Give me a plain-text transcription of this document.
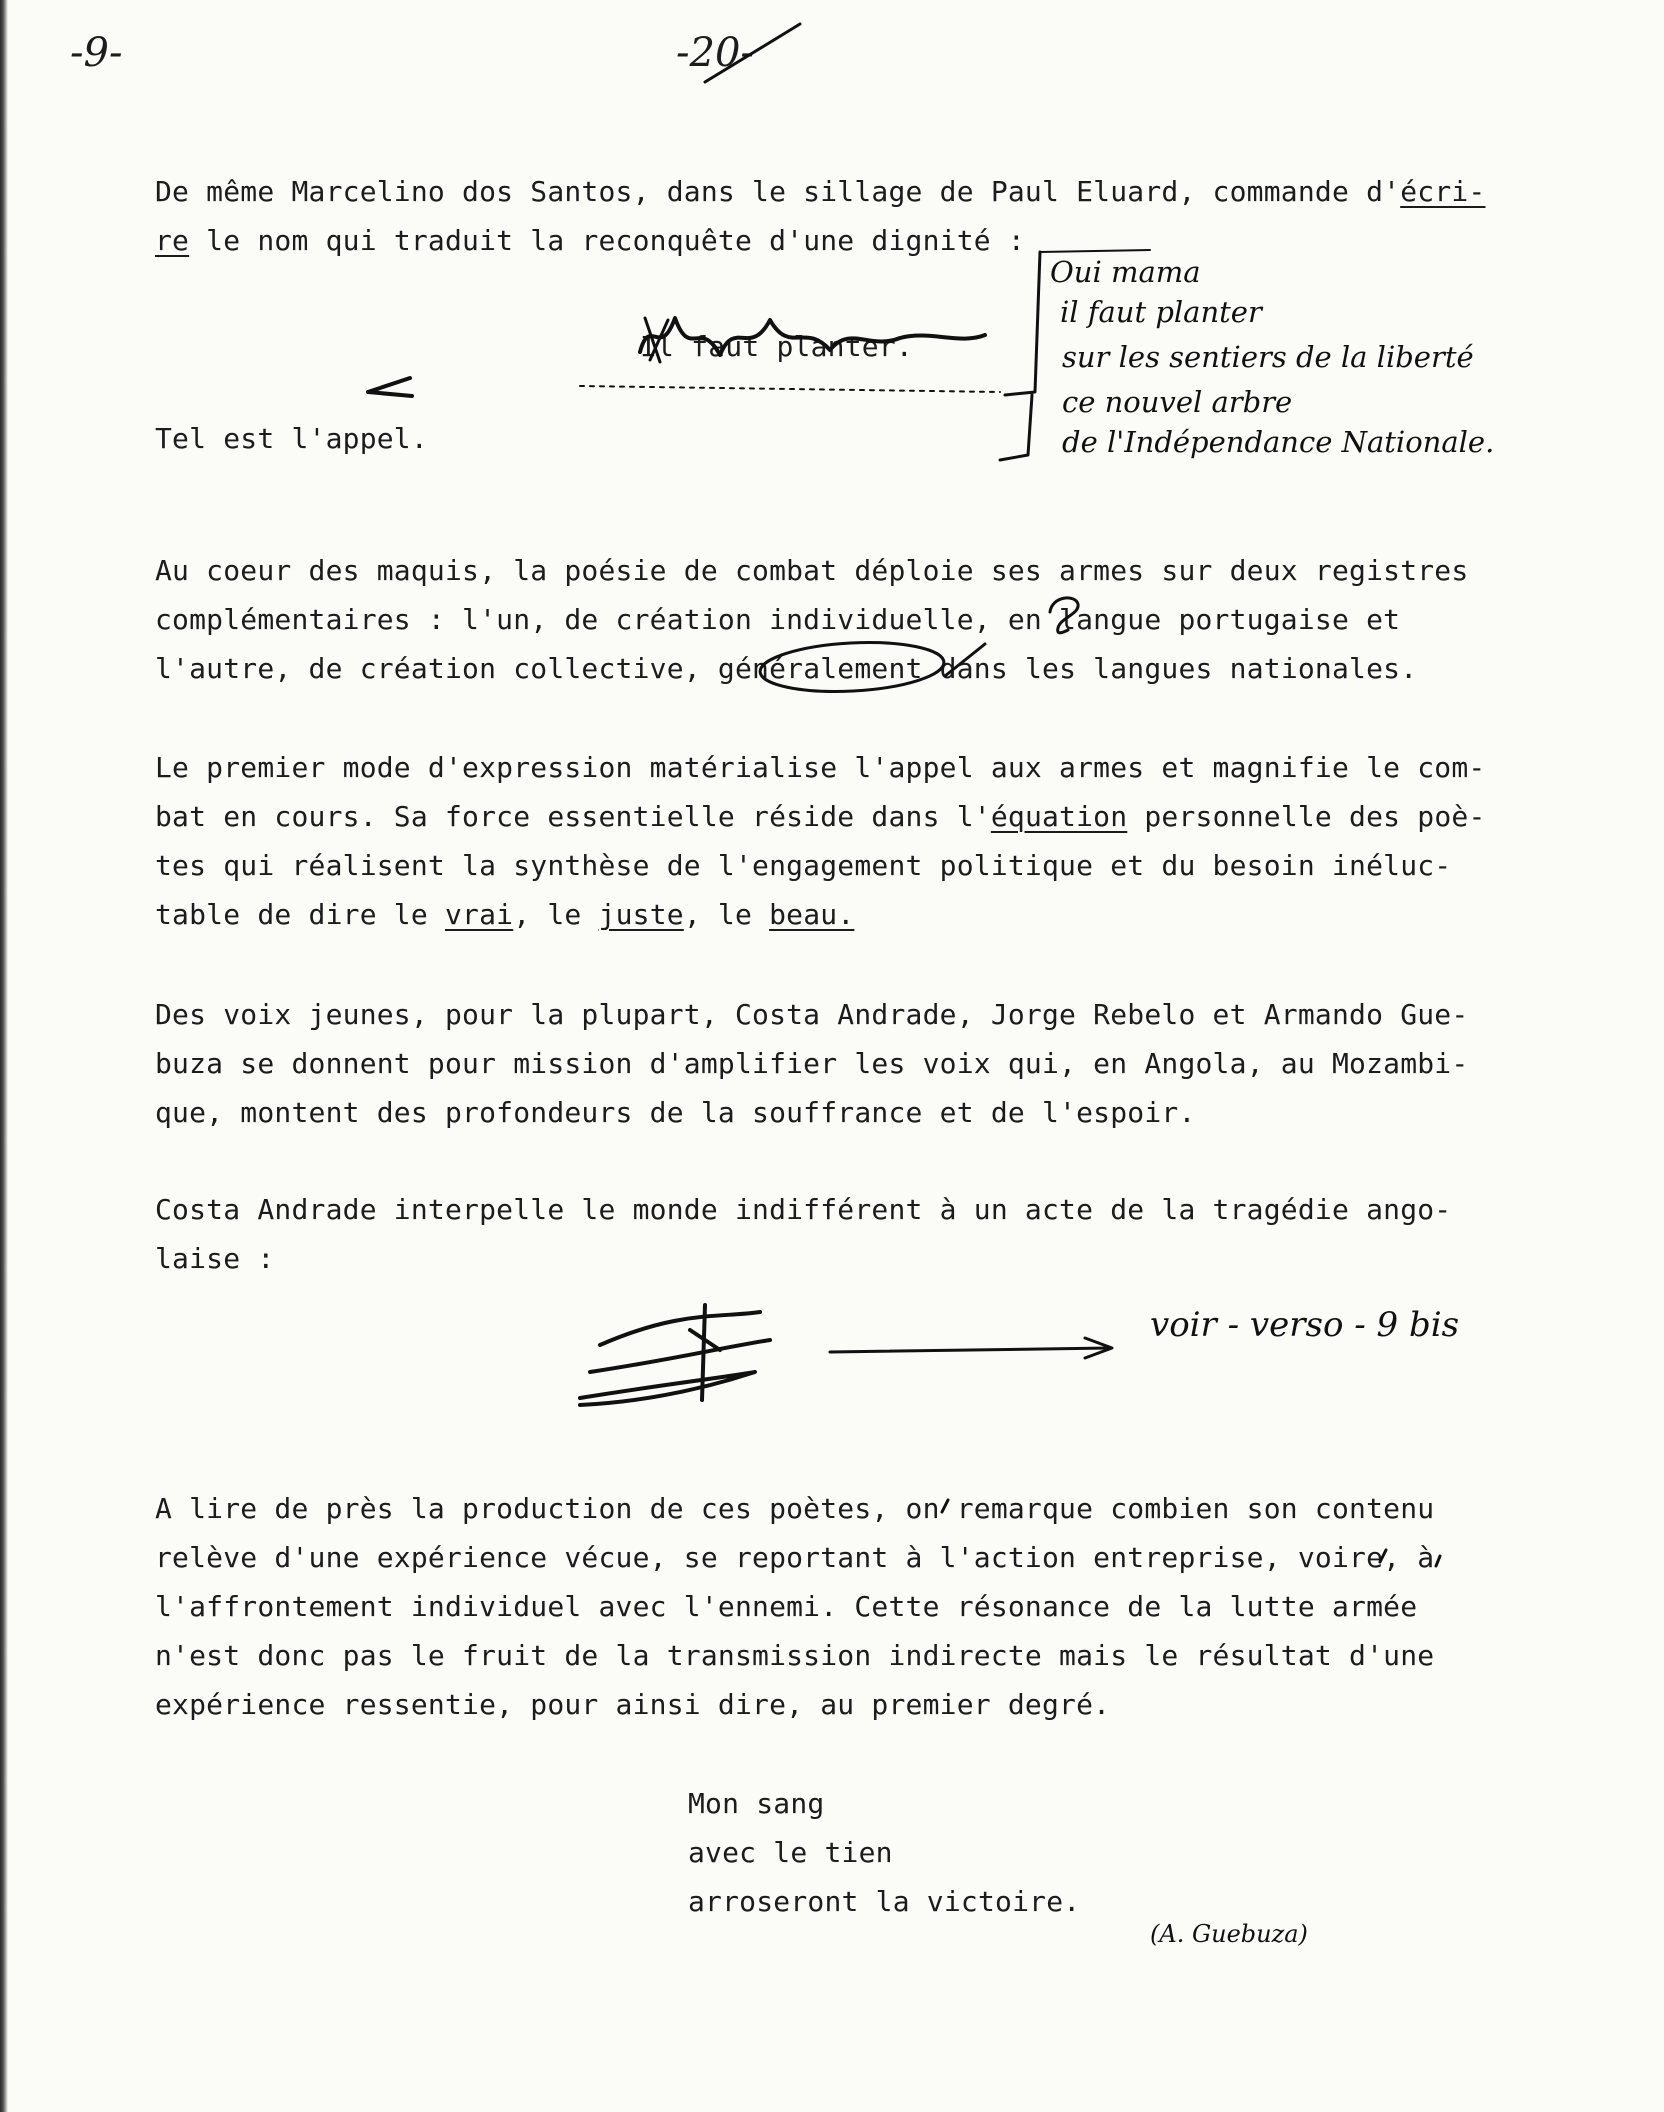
-9-	-20-
De même Marcelino dos Santos, dans le sillage de Paul Eluard, commande d'écri-
re le nom qui traduit la reconquête d'une dignité :
Il faut planter.
Oui mama
il faut planter
sur les sentiers de la liberté
ce nouvel arbre
de l'Indépendance Nationale.
Tel est l'appel.
Au coeur des maquis, la poésie de combat déploie ses armes sur deux registres
complémentaires : l'un, de création individuelle, en langue portugaise et
l'autre, de création collective, généralement dans les langues nationales.
Le premier mode d'expression matérialise l'appel aux armes et magnifie le com-
bat en cours. Sa force essentielle réside dans l'équation personnelle des poè-
tes qui réalisent la synthèse de l'engagement politique et du besoin inéluc-
table de dire le vrai, le juste, le beau.
Des voix jeunes, pour la plupart, Costa Andrade, Jorge Rebelo et Armando Gue-
buza se donnent pour mission d'amplifier les voix qui, en Angola, au Mozambi-
que, montent des profondeurs de la souffrance et de l'espoir.
Costa Andrade interpelle le monde indifférent à un acte de la tragédie ango-
laise :
voir - verso - 9 bis
A lire de près la production de ces poètes, on remarque combien son contenu
relève d'une expérience vécue, se reportant à l'action entreprise, voire, à
l'affrontement individuel avec l'ennemi. Cette résonance de la lutte armée
n'est donc pas le fruit de la transmission indirecte mais le résultat d'une
expérience ressentie, pour ainsi dire, au premier degré.
Mon sang
avec le tien
arroseront la victoire.
(A. Guebuza)
